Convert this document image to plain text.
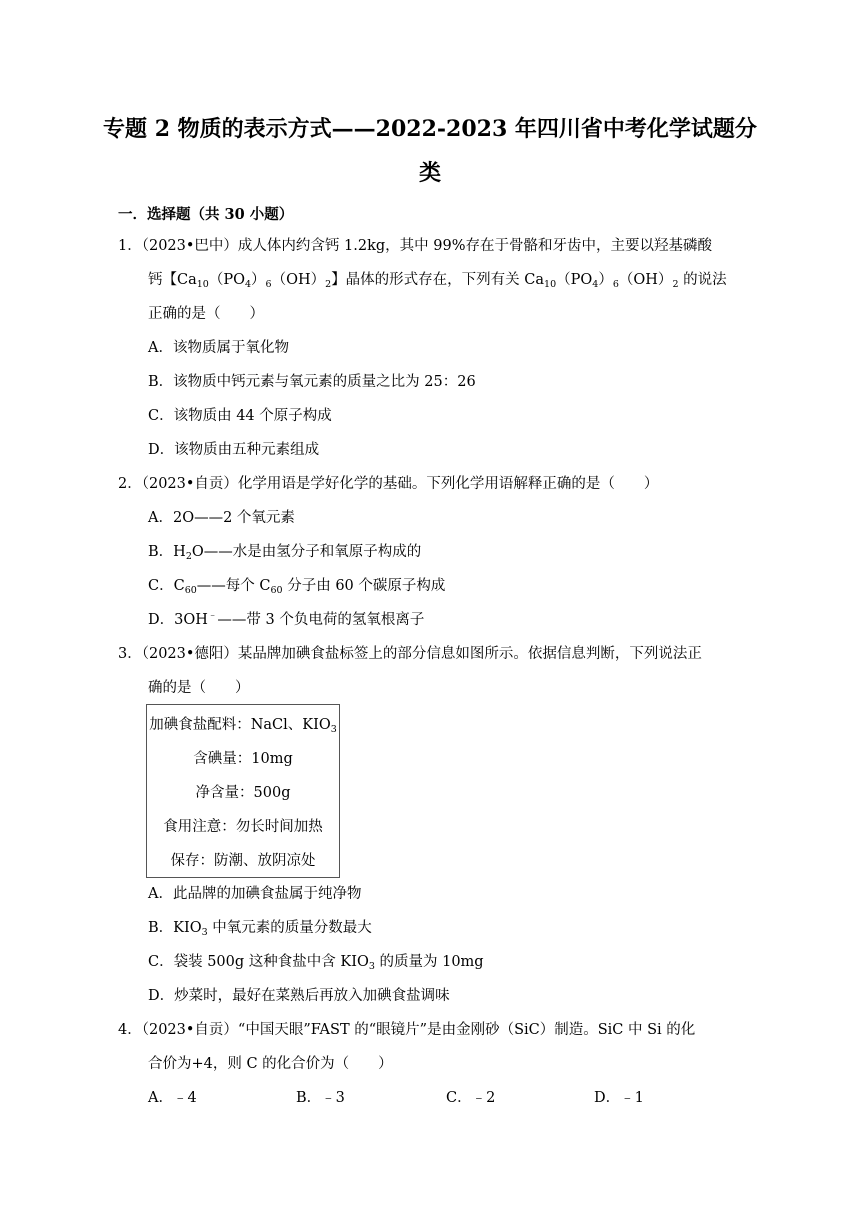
专题 2 物质的表示方式——2022-2023 年四川省中考化学试题分
类
一．选择题（共 30 小题）
1．（2023•巴中）成人体内约含钙 1.2kg，其中 99%存在于骨骼和牙齿中，主要以羟基磷酸
钙【$Ca_{10}(PO_4)_6(OH)_2$】晶体的形式存在，下列有关 $Ca_{10}(PO_4)_6(OH)_2$ 的说法
正确的是（　　）
A．该物质属于氧化物
B．该物质中钙元素与氧元素的质量之比为 25：26
C．该物质由 44 个原子构成
D．该物质由五种元素组成
2．（2023•自贡）化学用语是学好化学的基础。下列化学用语解释正确的是（　　）
A．2O——2 个氧元素
B．$H_2O——$水是由氢分子和氧原子构成的
C．$C_{60}——$每个 $C_{60}$ 分子由 60 个碳原子构成
D．3OH﹣——带 3 个负电荷的氢氧根离子
3．（2023•德阳）某品牌加碘食盐标签上的部分信息如图所示。依据信息判断，下列说法正
确的是（　　）
加碘食盐配料：NaCl、$KIO_3$
含碘量：10mg
净含量：500g
食用注意：勿长时间加热
保存：防潮、放阴凉处
A．此品牌的加碘食盐属于纯净物
B．$KIO_3$ 中氧元素的质量分数最大
C．袋装 500g 这种食盐中含 $KIO_3$ 的质量为 10mg
D．炒菜时，最好在菜熟后再放入加碘食盐调味
4．（2023•自贡）“中国天眼”FAST 的“眼镜片”是由金刚砂（SiC）制造。SiC 中 Si 的化
合价为+4，则 C 的化合价为（　　）
A．﹣4	B．﹣3	C．﹣2	D．﹣1
